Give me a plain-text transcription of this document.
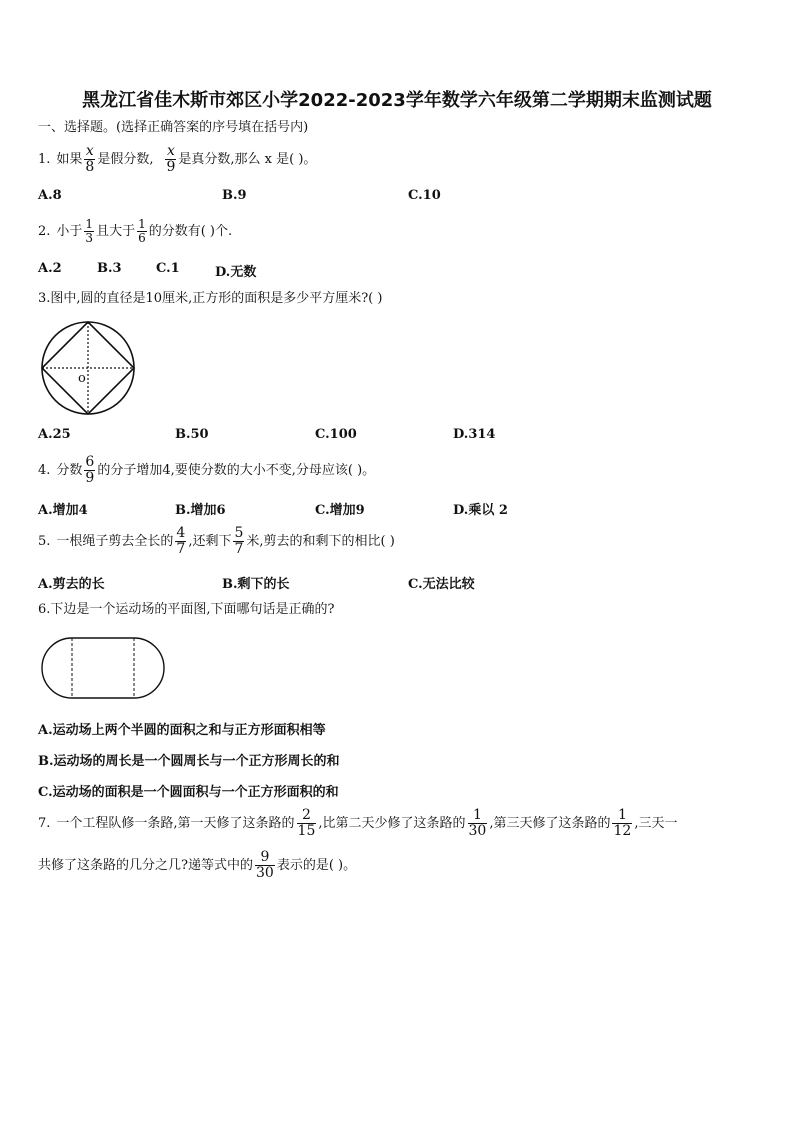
黑龙江省佳木斯市郊区小学2022-2023学年数学六年级第二学期期末监测试题
一、选择题。(选择正确答案的序号填在括号内)
1. 如果 $\frac{x}{8}$ 是假分数, $\frac{x}{9}$ 是真分数,那么 x 是( )。
A.8	B.9	C.10
2. 小于 $\frac{1}{3}$ 且大于 $\frac{1}{6}$ 的分数有( )个.
A.2	B.3	C.1	D.无数
3.图中,圆的直径是10厘米,正方形的面积是多少平方厘米?( )
o
A.25	B.50	C.100	D.314
4. 分数 $\frac{6}{9}$ 的分子增加4,要使分数的大小不变,分母应该( )。
A.增加4	B.增加6	C.增加9	D.乘以 2
5. 一根绳子剪去全长的 $\frac{4}{7}$ ,还剩下 $\frac{5}{7}$ 米,剪去的和剩下的相比( )
A.剪去的长	B.剩下的长	C.无法比较
6.下边是一个运动场的平面图,下面哪句话是正确的?
A.运动场上两个半圆的面积之和与正方形面积相等
B.运动场的周长是一个圆周长与一个正方形周长的和
C.运动场的面积是一个圆面积与一个正方形面积的和
7. 一个工程队修一条路,第一天修了这条路的 $\frac{2}{15}$ ,比第二天少修了这条路的 $\frac{1}{30}$ ,第三天修了这条路的 $\frac{1}{12}$ ,三天一
共修了这条路的几分之几?递等式中的 $\frac{9}{30}$ 表示的是( )。
